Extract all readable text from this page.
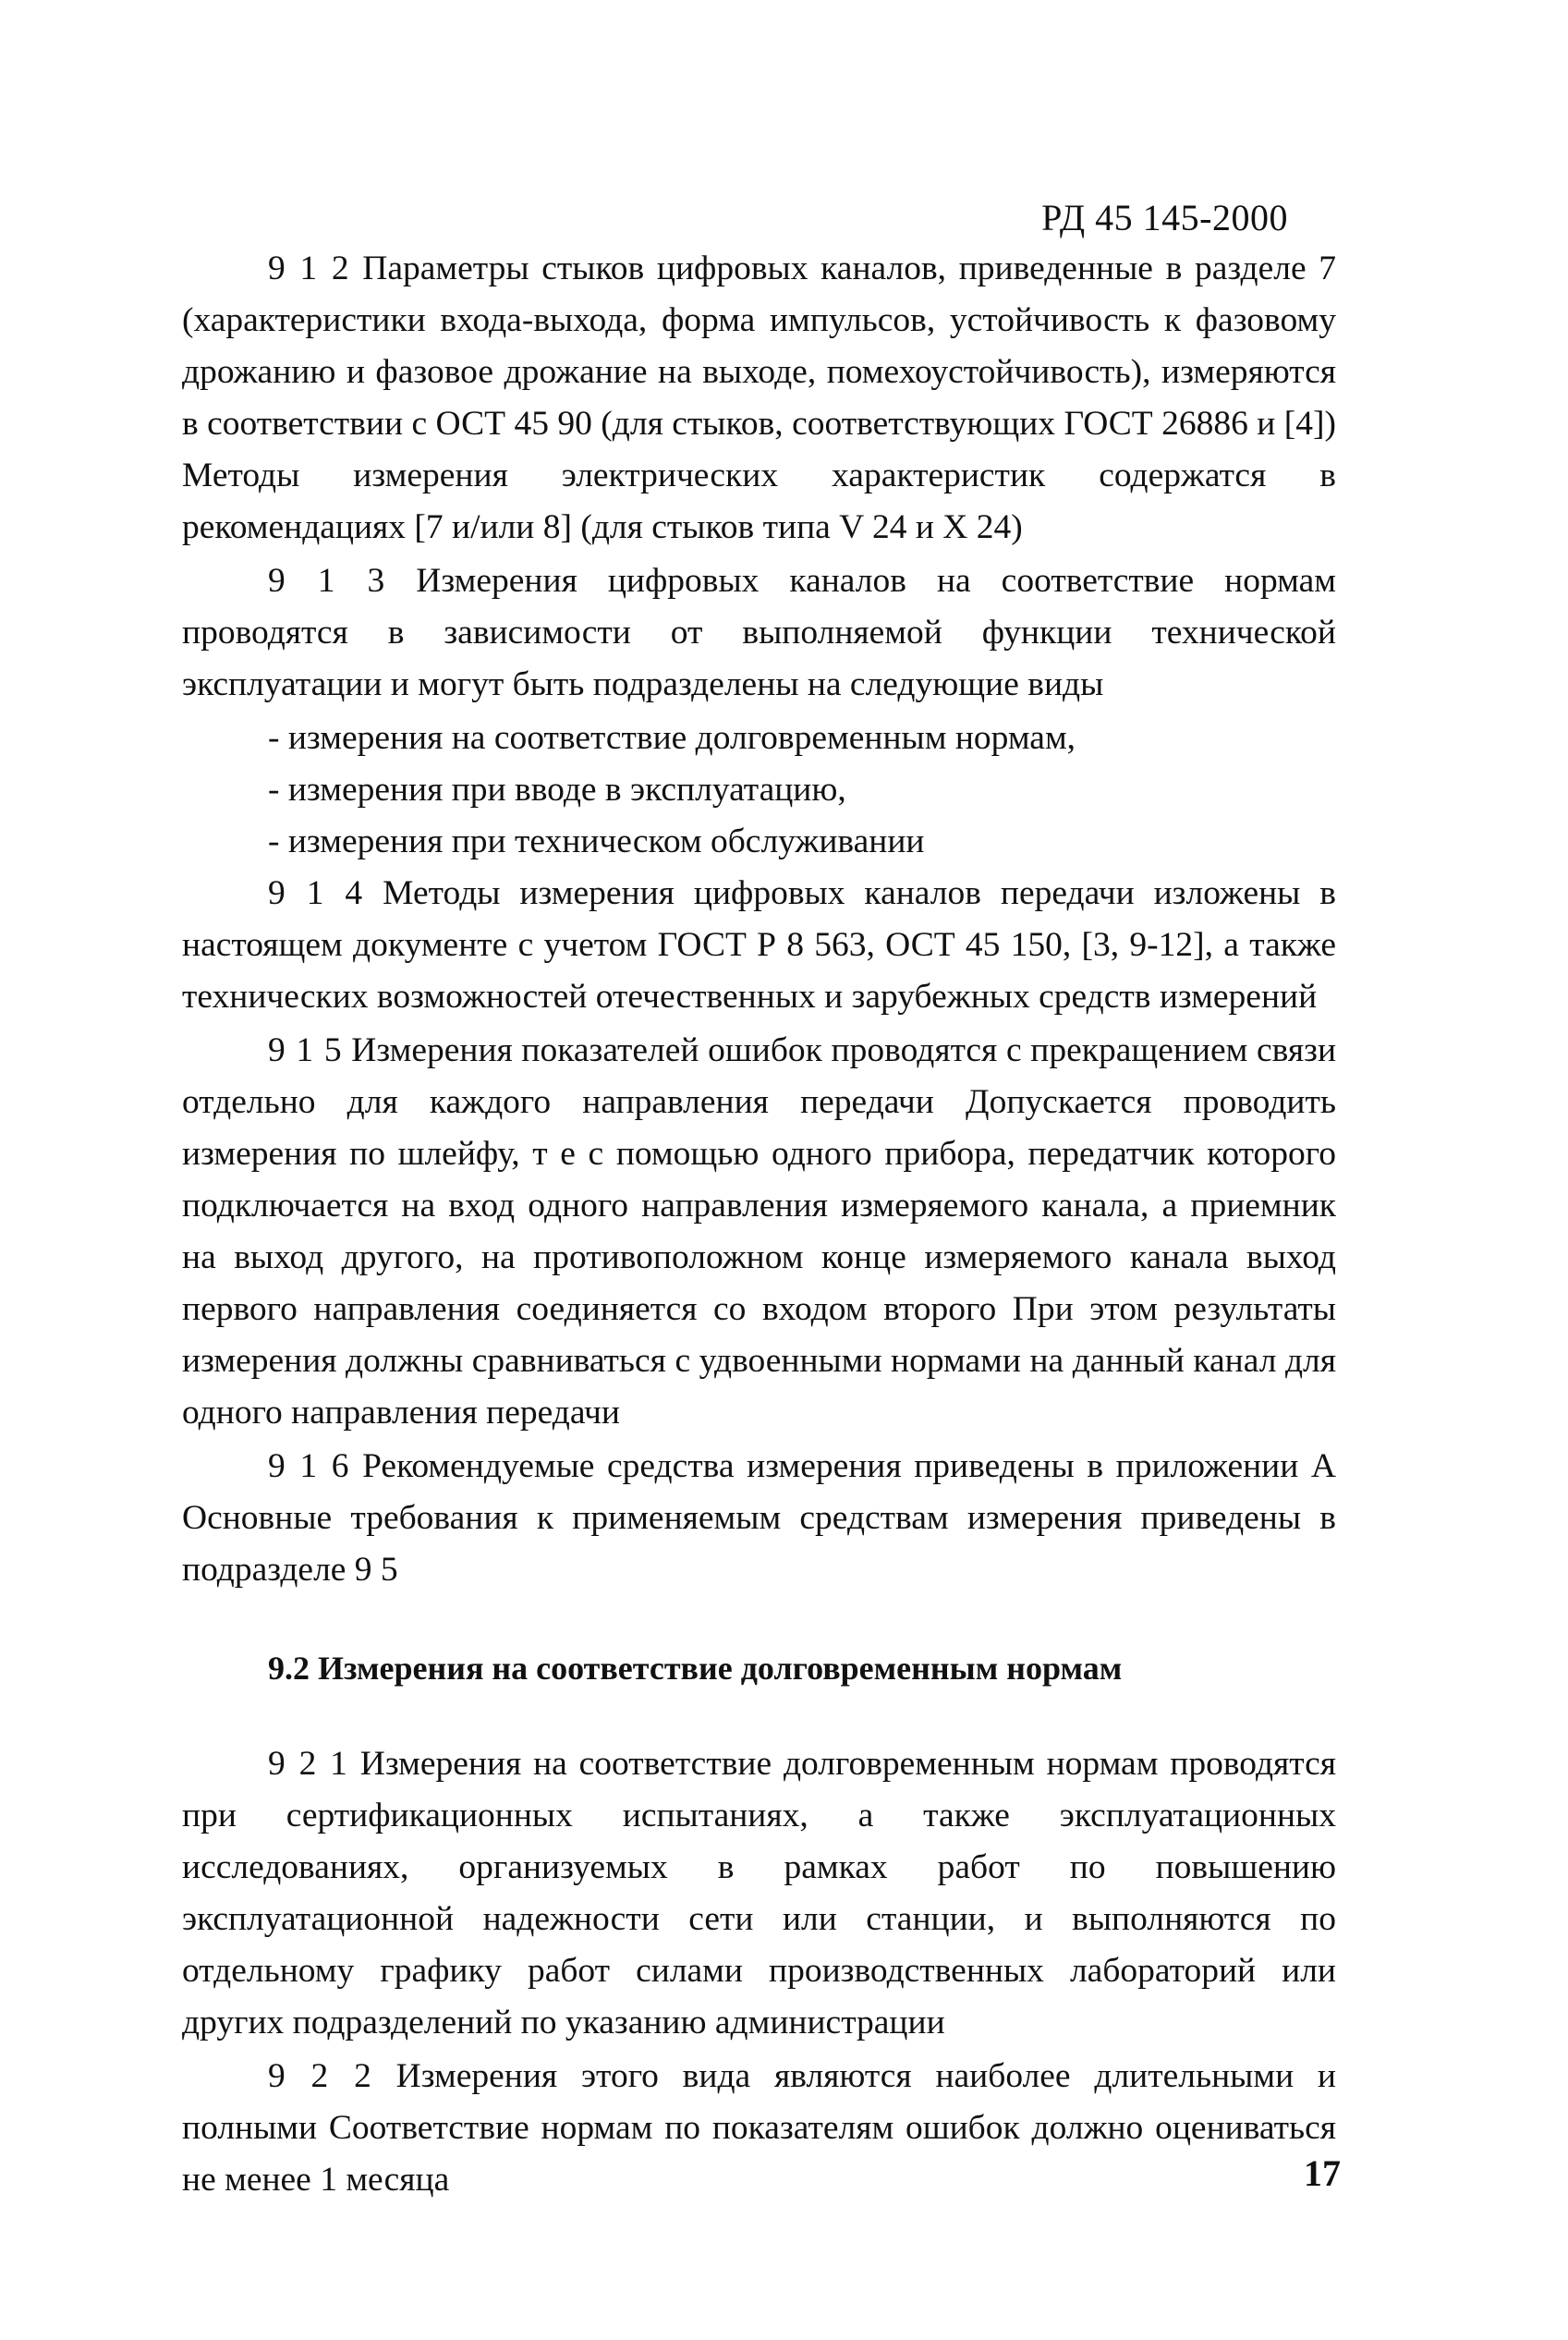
РД 45 145-2000

9 1 2 Параметры стыков цифровых каналов, приведенные в разделе 7 (характеристики входа-выхода, форма импульсов, устойчивость к фазовому дрожанию и фазовое дрожание на выходе, помехоустойчивость), измеряются в соответствии с ОСТ 45 90 (для стыков, соответствующих ГОСТ 26886 и [4]) Методы измерения электрических характеристик содержатся в рекомендациях [7 и/или 8] (для стыков типа V 24 и X 24)

9 1 3 Измерения цифровых каналов на соответствие нормам проводятся в зависимости от выполняемой функции технической эксплуатации и могут быть подразделены на следующие виды

- измерения на соответствие долговременным нормам,

- измерения при вводе в эксплуатацию,

- измерения при техническом обслуживании

9 1 4 Методы измерения цифровых каналов передачи изложены в настоящем документе с учетом ГОСТ Р 8 563, ОСТ 45 150, [3, 9-12], а также технических возможностей отечественных и зарубежных средств измерений

9 1 5 Измерения показателей ошибок проводятся с прекращением связи отдельно для каждого направления передачи Допускается проводить измерения по шлейфу, т е с помощью одного прибора, передатчик которого подключается на вход одного направления измеряемого канала, а приемник на выход другого, на противоположном конце измеряемого канала выход первого направления соединяется со входом второго При этом результаты измерения должны сравниваться с удвоенными нормами на данный канал для одного направления передачи

9 1 6 Рекомендуемые средства измерения приведены в приложении А Основные требования к применяемым средствам измерения приведены в подразделе 9 5

9.2 Измерения на соответствие долговременным нормам

9 2 1 Измерения на соответствие долговременным нормам проводятся при сертификационных испытаниях, а также эксплуатационных исследованиях, организуемых в рамках работ по повышению эксплуатационной надежности сети или станции, и выполняются по отдельному графику работ силами производственных лабораторий или других подразделений по указанию администрации

9 2 2 Измерения этого вида являются наиболее длительными и полными Соответствие нормам по показателям ошибок должно оцениваться не менее 1 месяца	17
